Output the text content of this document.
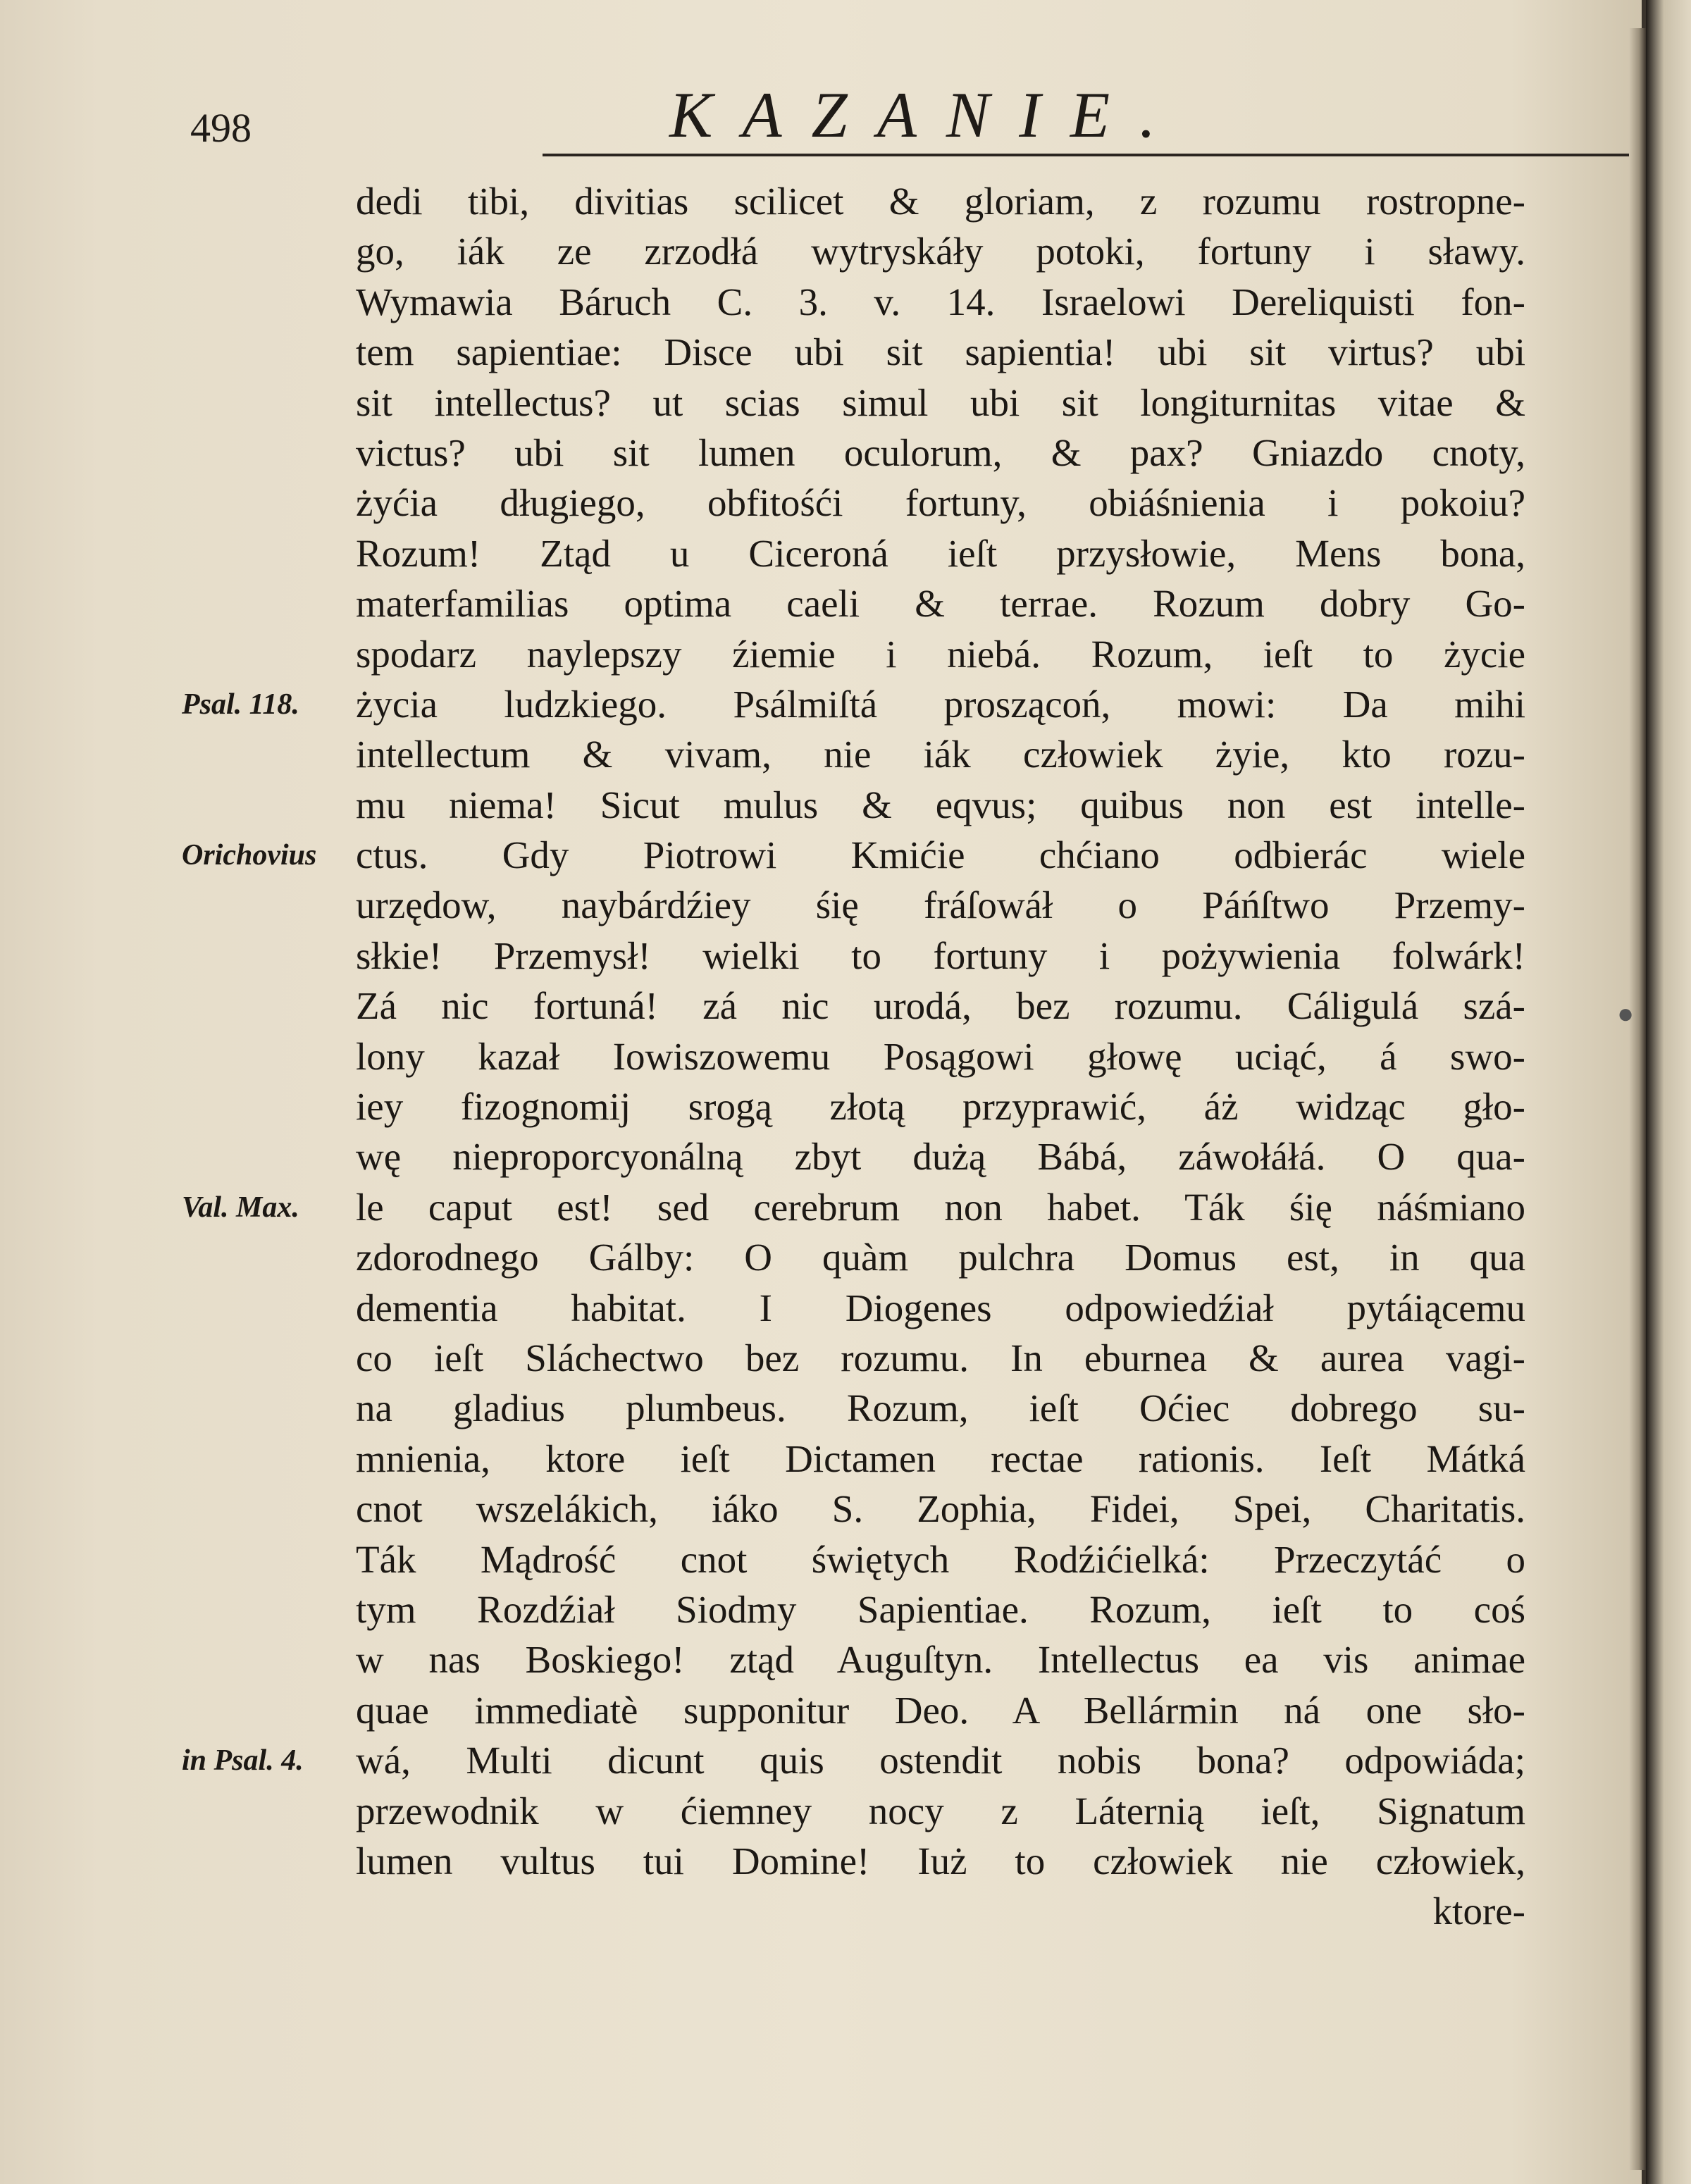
498	KAZANIE.
dedi tibi, divitias scilicet & gloriam, z rozumu rostropne-
go, iák ze zrzodłá wytryskáły potoki, fortuny i sławy.
Wymawia Báruch C. 3. v. 14. Israelowi Dereliquisti fon-
tem sapientiae: Disce ubi sit sapientia! ubi sit virtus? ubi
sit intellectus? ut scias simul ubi sit longiturnitas vitae &
victus? ubi sit lumen oculorum, & pax? Gniazdo cnoty,
żyćia długiego, obfitośći fortuny, obiáśnienia i pokoiu?
Rozum! Ztąd u Ciceroná ieſt przysłowie, Mens bona,
materfamilias optima caeli & terrae. Rozum dobry Go-
spodarz naylepszy źiemie i niebá. Rozum, ieſt to życie
życia ludzkiego. Psálmiſtá proszącoń, mowi: Da mihi
intellectum & vivam, nie iák człowiek żyie, kto rozu-
mu niema! Sicut mulus & eqvus; quibus non est intelle-
ctus. Gdy Piotrowi Kmićie chćiano odbierác wiele
urzędow, naybárdźiey śię fráſowáł o Páńſtwo Przemy-
słkie! Przemysł! wielki to fortuny i pożywienia folwárk!
Zá nic fortuná! zá nic urodá, bez rozumu. Cáligulá szá-
lony kazał Iowiszowemu Posągowi głowę uciąć, á swo-
iey fizognomij srogą złotą przyprawić, áż widząc gło-
wę nieproporcyonálną zbyt dużą Bábá, záwołáłá. O qua-
le caput est! sed cerebrum non habet. Ták śię náśmiano
zdorodnego Gálby: O quàm pulchra Domus est, in qua
dementia habitat. I Diogenes odpowiedźiał pytáiącemu
co ieſt Sláchectwo bez rozumu. In eburnea & aurea vagi-
na gladius plumbeus. Rozum, ieſt Oćiec dobrego su-
mnienia, ktore ieſt Dictamen rectae rationis. Ieſt Mátká
cnot wszelákich, iáko S. Zophia, Fidei, Spei, Charitatis.
Ták Mądrość cnot świętych Rodźićielká: Przeczytáć o
tym Rozdźiał Siodmy Sapientiae. Rozum, ieſt to coś
w nas Boskiego! ztąd Auguſtyn. Intellectus ea vis animae
quae immediatè supponitur Deo. A Bellármin ná one sło-
wá, Multi dicunt quis ostendit nobis bona? odpowiáda;
przewodnik w ćiemney nocy z Láternią ieſt, Signatum
lumen vultus tui Domine! Iuż to człowiek nie człowiek,
ktore-
Psal. 118.
Orichovius
Val. Max.
in Psal. 4.
●
